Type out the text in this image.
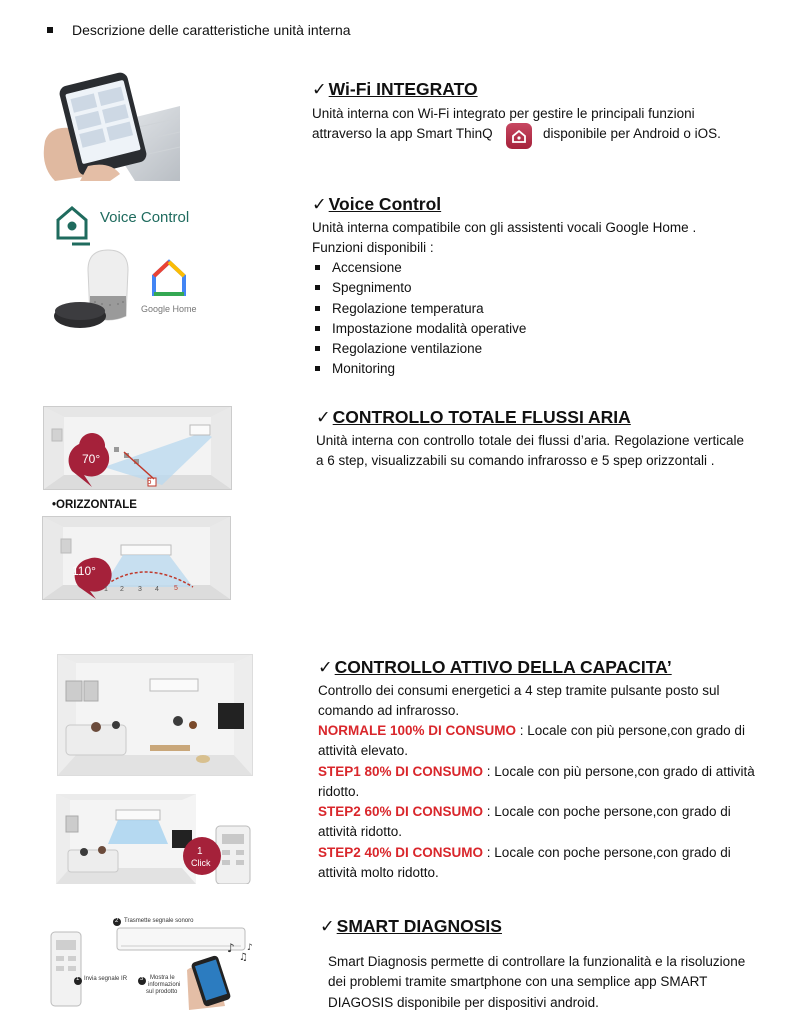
Descrizione delle caratteristiche unità interna
✓ Wi-Fi INTEGRATO
Unità interna con Wi-Fi integrato per gestire le principali funzioni
attraverso la app Smart ThinQ	disponibile per Android o iOS.
Voice Control
Google Home
✓ Voice Control
Unità interna compatibile con gli assistenti vocali Google Home .
Funzioni disponibili :
Accensione
Spegnimento
Regolazione temperatura
Impostazione modalità operative
Regolazione ventilazione
Monitoring
70°
6
•ORIZZONTALE
110°
1 2 3 4 5
✓ CONTROLLO TOTALE FLUSSI ARIA
Unità interna con controllo totale dei flussi d’aria. Regolazione verticale a 6 step, visualizzabili su comando infrarosso e 5 spep orizzontali .
1
Click
✓ CONTROLLO ATTIVO DELLA CAPACITA’
Controllo dei consumi energetici a 4 step tramite pulsante posto sul comando ad infrarosso.
NORMALE 100% DI CONSUMO : Locale con più persone,con grado di attività elevato.
STEP1 80% DI CONSUMO : Locale con più persone,con grado di attività ridotto.
STEP2 60% DI CONSUMO : Locale con poche persone,con grado di attività ridotto.
STEP2 40% DI CONSUMO : Locale con poche persone,con grado di attività molto ridotto.
♪
♫
♪
2 Trasmette segnale sonoro
1 Invia segnale IR 3 Mostra le
informazioni
sul prodotto
✓ SMART DIAGNOSIS
Smart Diagnosis permette di controllare la funzionalità e la risoluzione dei problemi tramite smartphone con una semplice app SMART DIAGOSIS disponibile per dispositivi android.
